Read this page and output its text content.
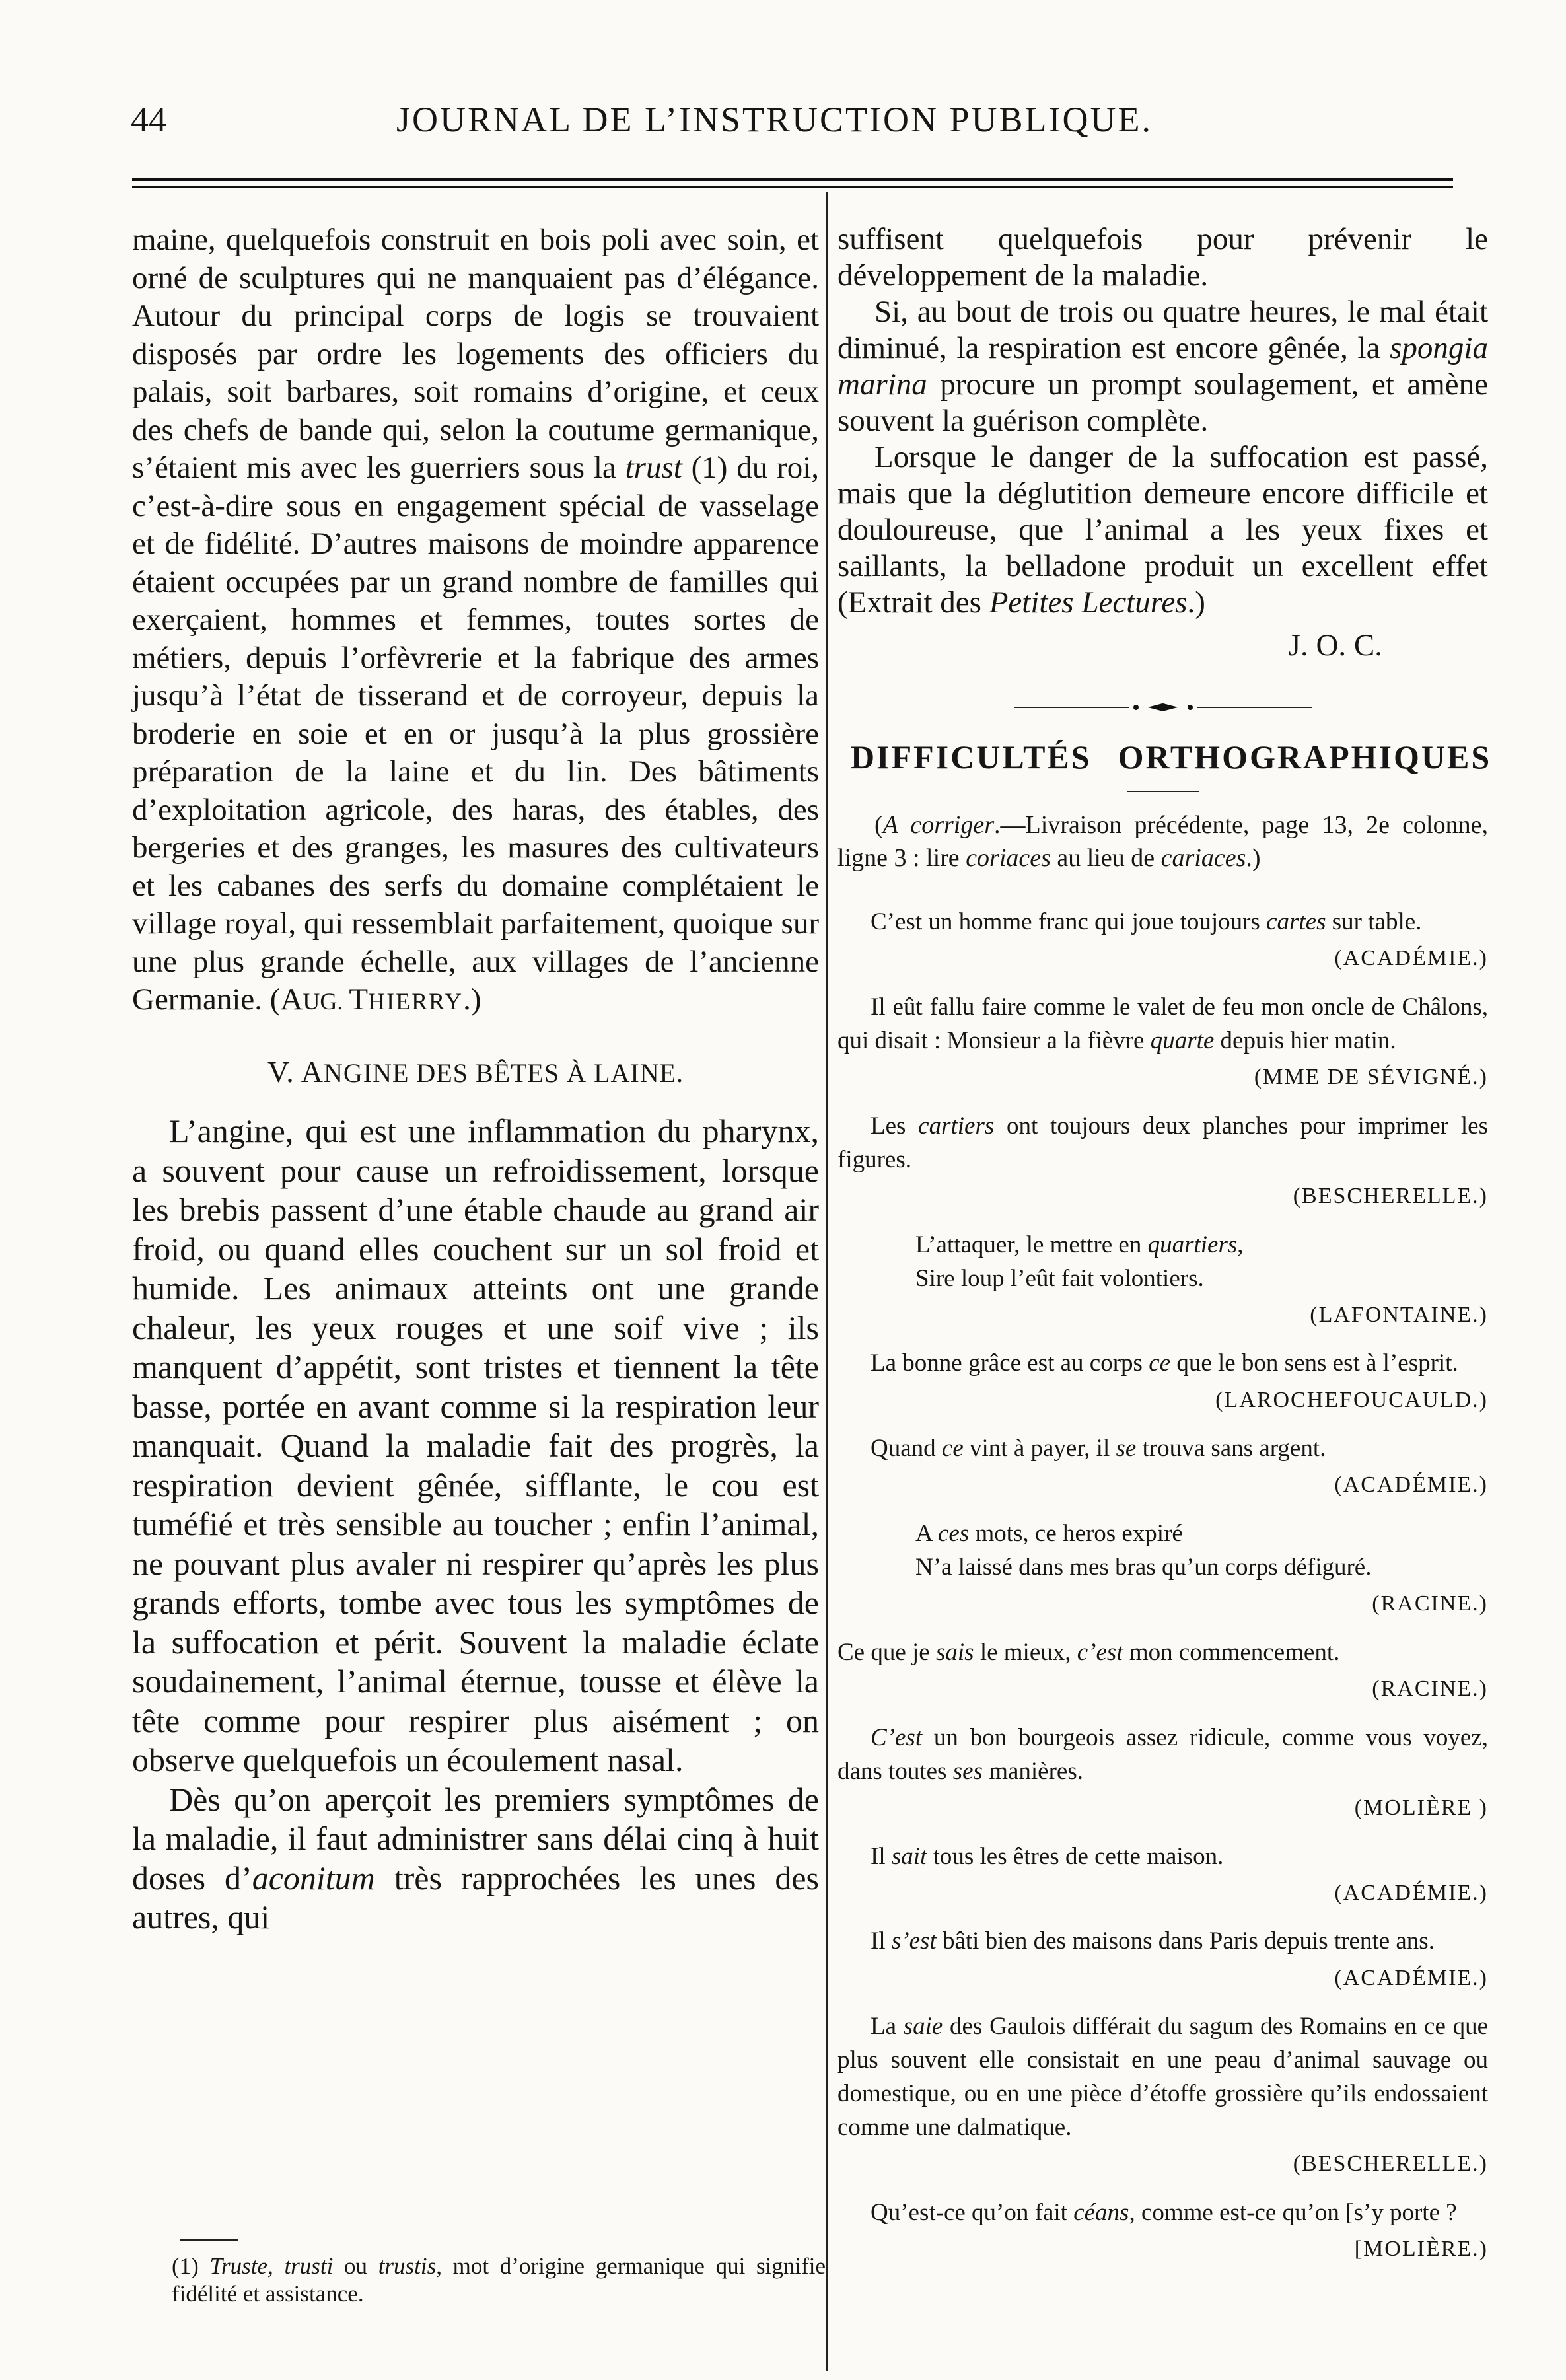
44	JOURNAL DE L’INSTRUCTION PUBLIQUE.

maine, quelquefois construit en bois poli avec soin, et orné de sculptures qui ne manquaient pas d’élégance. Autour du principal corps de logis se trouvaient disposés par ordre les logements des officiers du palais, soit barbares, soit romains d’origine, et ceux des chefs de bande qui, selon la coutume germanique, s’étaient mis avec les guerriers sous la trust (1) du roi, c’est-à-dire sous en engagement spécial de vasselage et de fidélité. D’autres maisons de moindre apparence étaient occupées par un grand nombre de familles qui exerçaient, hommes et femmes, toutes sortes de métiers, depuis l’orfèvrerie et la fabrique des armes jusqu’à l’état de tisserand et de corroyeur, depuis la broderie en soie et en or jusqu’à la plus grossière préparation de la laine et du lin. Des bâtiments d’exploitation agricole, des haras, des étables, des bergeries et des granges, les masures des cultivateurs et les cabanes des serfs du domaine complétaient le village royal, qui ressemblait parfaitement, quoique sur une plus grande échelle, aux villages de l’ancienne Germanie. (AUG. THIERRY.)

V. ANGINE DES BÊTES À LAINE.

L’angine, qui est une inflammation du pharynx, a souvent pour cause un refroidissement, lorsque les brebis passent d’une étable chaude au grand air froid, ou quand elles couchent sur un sol froid et humide. Les animaux atteints ont une grande chaleur, les yeux rouges et une soif vive ; ils manquent d’appétit, sont tristes et tiennent la tête basse, portée en avant comme si la respiration leur manquait. Quand la maladie fait des progrès, la respiration devient gênée, sifflante, le cou est tuméfié et très sensible au toucher ; enfin l’animal, ne pouvant plus avaler ni respirer qu’après les plus grands efforts, tombe avec tous les symptômes de la suffocation et périt. Souvent la maladie éclate soudainement, l’animal éternue, tousse et élève la tête comme pour respirer plus aisément ; on observe quelquefois un écoulement nasal.

Dès qu’on aperçoit les premiers symptômes de la maladie, il faut administrer sans délai cinq à huit doses d’aconitum très rapprochées les unes des autres, qui

(1) Truste, trusti ou trustis, mot d’origine germanique qui signifie fidélité et assistance.

suffisent quelquefois pour prévenir le développement de la maladie.

Si, au bout de trois ou quatre heures, le mal était diminué, la respiration est encore gênée, la spongia marina procure un prompt soulagement, et amène souvent la guérison complète.

Lorsque le danger de la suffocation est passé, mais que la déglutition demeure encore difficile et douloureuse, que l’animal a les yeux fixes et saillants, la belladone produit un excellent effet (Extrait des Petites Lectures.)

J. O. C.

DIFFICULTÉS ORTHOGRAPHIQUES

(A corriger.—Livraison précédente, page 13, 2e colonne, ligne 3 : lire coriaces au lieu de cariaces.)

C’est un homme franc qui joue toujours cartes sur table.

(ACADÉMIE.)

Il eût fallu faire comme le valet de feu mon oncle de Châlons, qui disait : Monsieur a la fièvre quarte depuis hier matin.

(MME DE SÉVIGNÉ.)

Les cartiers ont toujours deux planches pour imprimer les figures.

(BESCHERELLE.)

L’attaquer, le mettre en quartiers,
Sire loup l’eût fait volontiers.

(LAFONTAINE.)

La bonne grâce est au corps ce que le bon sens est à l’esprit.

(LAROCHEFOUCAULD.)

Quand ce vint à payer, il se trouva sans argent.

(ACADÉMIE.)

A ces mots, ce heros expiré
N’a laissé dans mes bras qu’un corps défiguré.

(RACINE.)

Ce que je sais le mieux, c’est mon commencement.

(RACINE.)

C’est un bon bourgeois assez ridicule, comme vous voyez, dans toutes ses manières.

(MOLIÈRE )

Il sait tous les êtres de cette maison.

(ACADÉMIE.)

Il s’est bâti bien des maisons dans Paris depuis trente ans.

(ACADÉMIE.)

La saie des Gaulois différait du sagum des Romains en ce que plus souvent elle consistait en une peau d’animal sauvage ou domestique, ou en une pièce d’étoffe grossière qu’ils endossaient comme une dalmatique.

(BESCHERELLE.)

Qu’est-ce qu’on fait céans, comme est-ce qu’on [s’y porte ?

[MOLIÈRE.)
